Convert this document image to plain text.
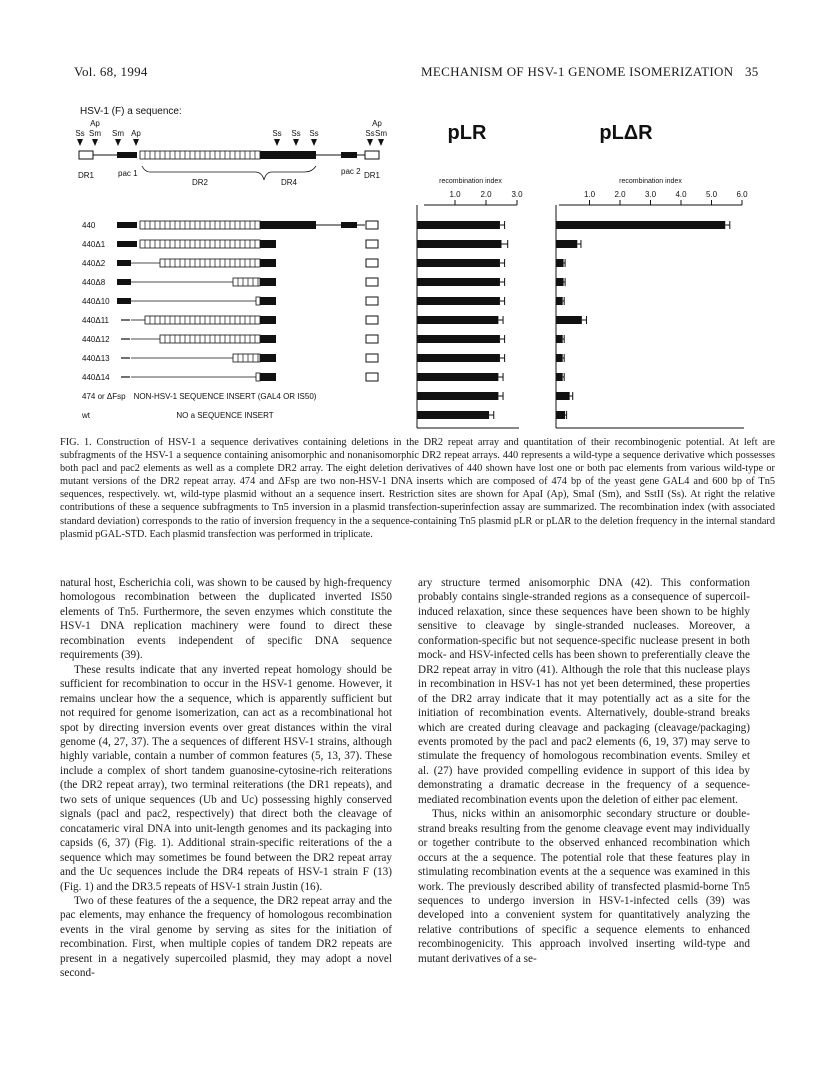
Vol. 68, 1994	MECHANISM OF HSV-1 GENOME ISOMERIZATION 35
HSV-1 (F) a sequence:
Ss Sm
Ap
Sm Ap	Ss Ss Ss	Ss Sm
Ap
DR1	pac 1
DR2	DR4
pac 2 DR1
440
440Δ1
440Δ2
440Δ8
440Δ10
440Δ11
440Δ12
440Δ13
440Δ14
474 or ΔFsp NON-HSV-1 SEQUENCE INSERT (GAL4 OR IS50)
wt	NO a SEQUENCE INSERT
pLR
recombination index
1.0 2.0 3.0
pLΔR
recombination index
1.0 2.0 3.0 4.0 5.0 6.0

FIG. 1. Construction of HSV-1 a sequence derivatives containing deletions in the DR2 repeat array and quantitation of their recombinogenic potential. At left are subfragments of the HSV-1 a sequence containing anisomorphic and nonanisomorphic DR2 repeat arrays. 440 represents a wild-type a sequence derivative which possesses both pacl and pac2 elements as well as a complete DR2 array. The eight deletion derivatives of 440 shown have lost one or both pac elements from various wild-type or mutant versions of the DR2 repeat array. 474 and ΔFsp are two non-HSV-1 DNA inserts which are composed of 474 bp of the yeast gene GAL4 and 600 bp of Tn5 sequences, respectively. wt, wild-type plasmid without an a sequence insert. Restriction sites are shown for ApaI (Ap), SmaI (Sm), and SstII (Ss). At right the relative contributions of these a sequence subfragments to Tn5 inversion in a plasmid transfection-superinfection assay are summarized. The recombination index (with associated standard deviation) corresponds to the ratio of inversion frequency in the a sequence-containing Tn5 plasmid pLR or pLΔR to the deletion frequency in the internal standard plasmid pGAL-STD. Each plasmid transfection was performed in triplicate.

natural host, Escherichia coli, was shown to be caused by high-frequency homologous recombination between the duplicated inverted IS50 elements of Tn5. Furthermore, the seven enzymes which constitute the HSV-1 DNA replication machinery were found to direct these recombination events independent of specific DNA sequence requirements (39).

These results indicate that any inverted repeat homology should be sufficient for recombination to occur in the HSV-1 genome. However, it remains unclear how the a sequence, which is apparently sufficient but not required for genome isomerization, can act as a recombinational hot spot by directing inversion events over great distances within the viral genome (4, 27, 37). The a sequences of different HSV-1 strains, although highly variable, contain a number of common features (5, 13, 37). These include a complex of short tandem guanosine-cytosine-rich reiterations (the DR2 repeat array), two terminal reiterations (the DR1 repeats), and two sets of unique sequences (Ub and Uc) possessing highly conserved signals (pacl and pac2, respectively) that direct both the cleavage of concatameric viral DNA into unit-length genomes and its packaging into capsids (6, 37) (Fig. 1). Additional strain-specific reiterations of the a sequence which may sometimes be found between the DR2 repeat array and the Uc sequences include the DR4 repeats of HSV-1 strain F (13) (Fig. 1) and the DR3.5 repeats of HSV-1 strain Justin (16).

Two of these features of the a sequence, the DR2 repeat array and the pac elements, may enhance the frequency of homologous recombination events in the viral genome by serving as sites for the initiation of recombination. First, when multiple copies of tandem DR2 repeats are present in a negatively supercoiled plasmid, they may adopt a novel second-

ary structure termed anisomorphic DNA (42). This conformation probably contains single-stranded regions as a consequence of supercoil-induced relaxation, since these sequences have been shown to be highly sensitive to cleavage by single-stranded nucleases. Moreover, a conformation-specific but not sequence-specific nuclease present in both mock- and HSV-infected cells has been shown to preferentially cleave the DR2 repeat array in vitro (41). Although the role that this nuclease plays in recombination in HSV-1 has not yet been determined, these properties of the DR2 array indicate that it may potentially act as a site for the initiation of recombination events. Alternatively, double-strand breaks which are created during cleavage and packaging (cleavage/packaging) events promoted by the pacl and pac2 elements (6, 19, 37) may serve to stimulate the frequency of homologous recombination events. Smiley et al. (27) have provided compelling evidence in support of this idea by demonstrating a dramatic decrease in the frequency of a sequence-mediated recombination events upon the deletion of either pac element.

Thus, nicks within an anisomorphic secondary structure or double-strand breaks resulting from the genome cleavage event may individually or together contribute to the observed enhanced recombination which occurs at the a sequence. The potential role that these features play in stimulating recombination events at the a sequence was examined in this work. The previously described ability of transfected plasmid-borne Tn5 sequences to undergo inversion in HSV-1-infected cells (39) was developed into a convenient system for quantitatively analyzing the relative contributions of specific a sequence elements to enhanced recombinogenicity. This approach involved inserting wild-type and mutant derivatives of a se-
